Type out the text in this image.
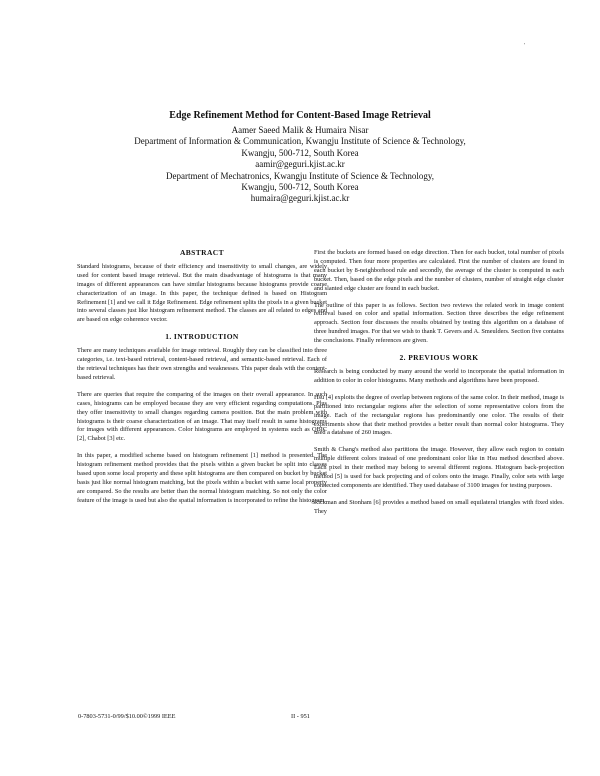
'
Edge Refinement Method for Content-Based Image Retrieval
Aamer Saeed Malik & Humaira Nisar
Department of Information & Communication, Kwangju Institute of Science & Technology,
Kwangju, 500-712, South Korea
aamir@geguri.kjist.ac.kr
Department of Mechatronics, Kwangju Institute of Science & Technology,
Kwangju, 500-712, South Korea
humaira@geguri.kjist.ac.kr
ABSTRACT

Standard histograms, because of their efficiency and insensitivity to small changes, are widely used for content based image retrieval. But the main disadvantage of histograms is that many images of different appearances can have similar histograms because histograms provide coarse characterization of an image. In this paper, the technique defined is based on Histogram Refinement [1] and we call it Edge Refinement. Edge refinement splits the pixels in a given bucket into several classes just like histogram refinement method. The classes are all related to edges and are based on edge coherence vector.

1. INTRODUCTION

There are many techniques available for image retrieval. Roughly they can be classified into three categories, i.e. text-based retrieval, content-based retrieval, and semantic-based retrieval. Each of the retrieval techniques has their own strengths and weaknesses. This paper deals with the content-based retrieval.

There are queries that require the comparing of the images on their overall appearance. In such cases, histograms can be employed because they are very efficient regarding computations. Plus they offer insensitivity to small changes regarding camera position. But the main problem with histograms is their coarse characterization of an image. That may itself result in same histograms for images with different appearances. Color histograms are employed in systems such as QBIC [2], Chabot [3] etc.

In this paper, a modified scheme based on histogram refinement [1] method is presented. The histogram refinement method provides that the pixels within a given bucket be split into classes based upon some local property and these split histograms are then compared on bucket by bucket basis just like normal histogram matching, but the pixels within a bucket with same local property are compared. So the results are better than the normal histogram matching. So not only the color feature of the image is used but also the spatial information is incorporated to refine the histogram.

First the buckets are formed based on edge direction. Then for each bucket, total number of pixels is computed. Then four more properties are calculated. First the number of clusters are found in each bucket by 8-neighborhood rule and secondly, the average of the cluster is computed in each bucket. Then, based on the edge pixels and the number of clusters, number of straight edge cluster and slanted edge cluster are found in each bucket.

The outline of this paper is as follows. Section two reviews the related work in image content retrieval based on color and spatial information. Section three describes the edge refinement approach. Section four discusses the results obtained by testing this algorithm on a database of three hundred images. For that we wish to thank T. Gevers and A. Smeulders. Section five contains the conclusions. Finally references are given.

2. PREVIOUS WORK

Research is being conducted by many around the world to incorporate the spatial information in addition to color in color histograms. Many methods and algorithms have been proposed.

Hsu [4] exploits the degree of overlap between regions of the same color. In their method, image is partitioned into rectangular regions after the selection of some representative colors from the image. Each of the rectangular regions has predominantly one color. The results of their experiments show that their method provides a better result than normal color histograms. They used a database of 260 images.

Smith & Chang's method also partitions the image. However, they allow each region to contain multiple different colors instead of one predominant color like in Hsu method described above. Each pixel in their method may belong to several different regions. Histogram back-projection method [5] is used for back projecting and of colors onto the image. Finally, color sets with large connected components are identified. They used database of 3100 images for testing purposes.

Rickman and Stonham [6] provides a method based on small equilateral triangles with fixed sides. They

0-7803-5731-0/99/$10.00©1999 IEEE	II - 951
